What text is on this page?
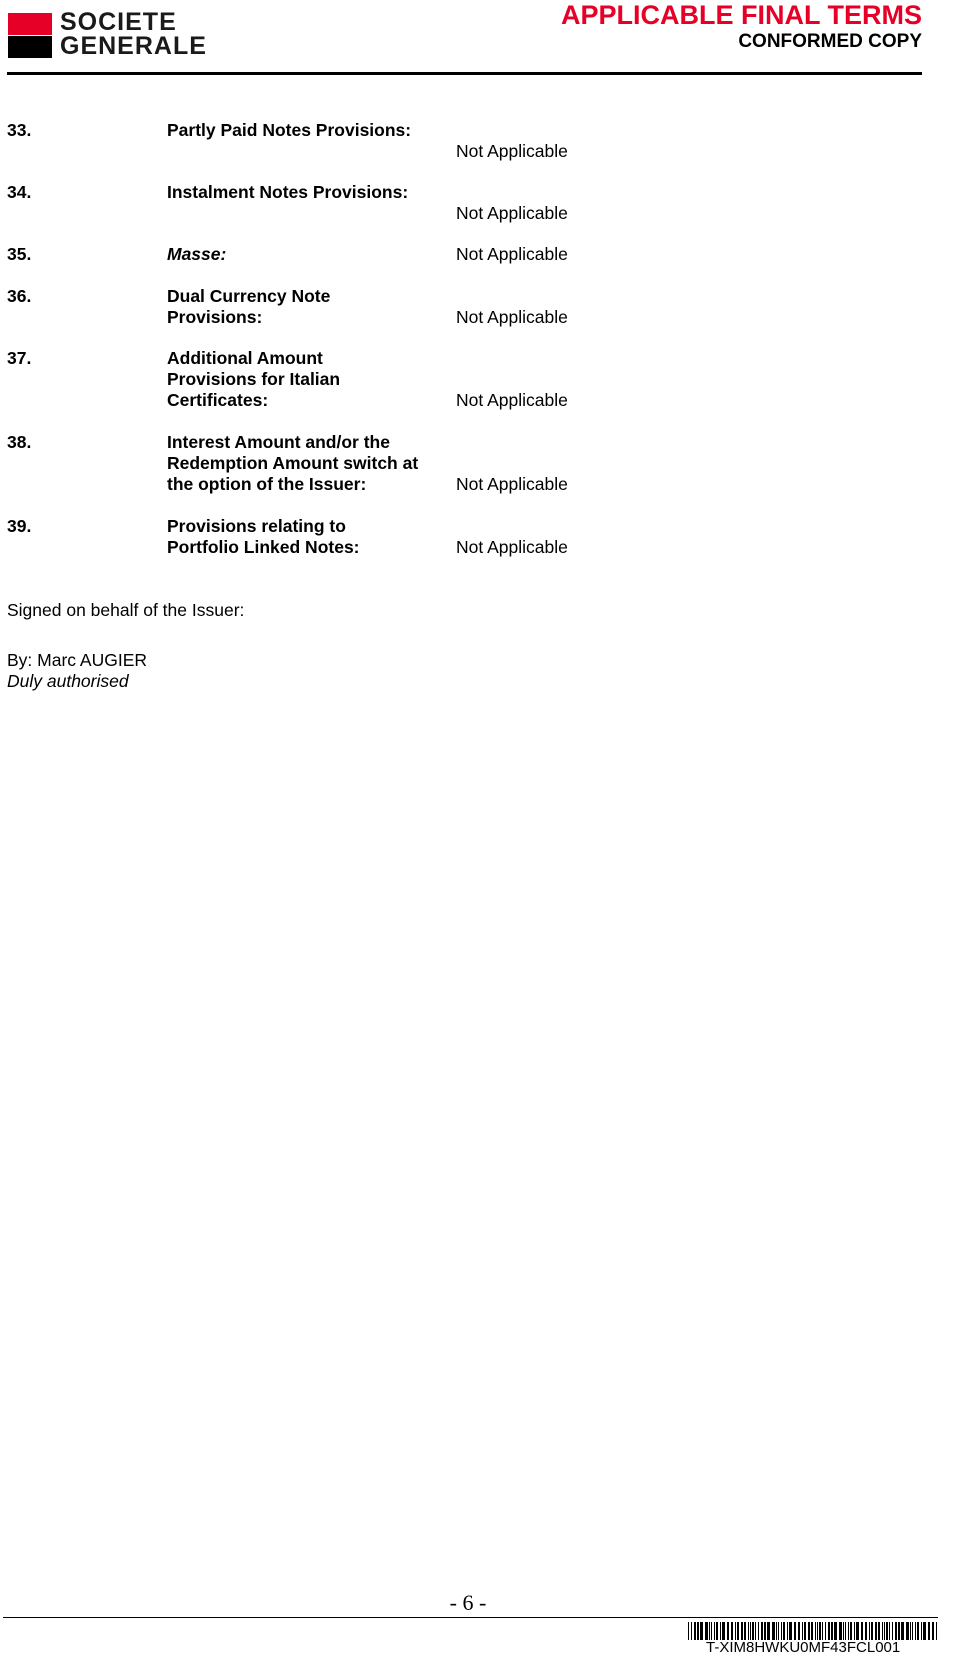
SOCIETE
GENERALE
APPLICABLE FINAL TERMS
CONFORMED COPY
33.	Partly Paid Notes Provisions:
Not Applicable
34.	Instalment Notes Provisions:
Not Applicable
35.	Masse:	Not Applicable
36.	Dual Currency Note Provisions:	Not Applicable
37.	Additional Amount Provisions for Italian Certificates:	Not Applicable
38.	Interest Amount and/or the Redemption Amount switch at the option of the Issuer:	Not Applicable
39.	Provisions relating to Portfolio Linked Notes:	Not Applicable
Signed on behalf of the Issuer:
By: Marc AUGIER
Duly authorised
- 6 -
T-XIM8HWKU0MF43FCL001
